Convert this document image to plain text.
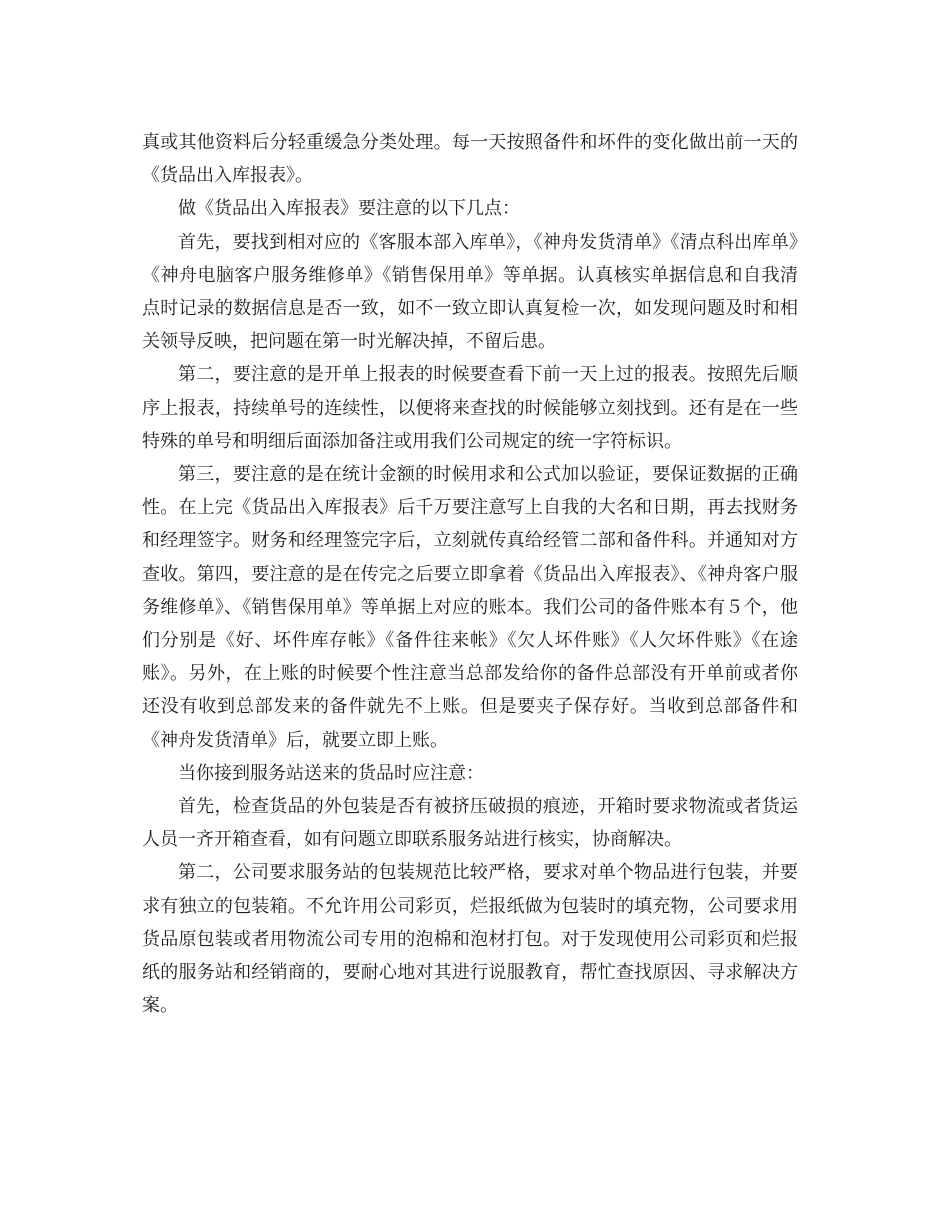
真或其他资料后分轻重缓急分类处理。每一天按照备件和坏件的变化做出前一天的《货品出入库报表》。

做《货品出入库报表》要注意的以下几点：

首先，要找到相对应的《客服本部入库单》，《神舟发货清单》《清点科出库单》《神舟电脑客户服务维修单》《销售保用单》等单据。认真核实单据信息和自我清点时记录的数据信息是否一致，如不一致立即认真复检一次，如发现问题及时和相关领导反映，把问题在第一时光解决掉，不留后患。

第二，要注意的是开单上报表的时候要查看下前一天上过的报表。按照先后顺序上报表，持续单号的连续性，以便将来查找的时候能够立刻找到。还有是在一些特殊的单号和明细后面添加备注或用我们公司规定的统一字符标识。

第三，要注意的是在统计金额的时候用求和公式加以验证，要保证数据的正确性。在上完《货品出入库报表》后千万要注意写上自我的大名和日期，再去找财务和经理签字。财务和经理签完字后，立刻就传真给经管二部和备件科。并通知对方查收。第四，要注意的是在传完之后要立即拿着《货品出入库报表》、《神舟客户服务维修单》、《销售保用单》等单据上对应的账本。我们公司的备件账本有５个，他们分别是《好、坏件库存帐》《备件往来帐》《欠人坏件账》《人欠坏件账》《在途账》。另外，在上账的时候要个性注意当总部发给你的备件总部没有开单前或者你还没有收到总部发来的备件就先不上账。但是要夹子保存好。当收到总部备件和《神舟发货清单》后，就要立即上账。

当你接到服务站送来的货品时应注意：

首先，检查货品的外包装是否有被挤压破损的痕迹，开箱时要求物流或者货运人员一齐开箱查看，如有问题立即联系服务站进行核实，协商解决。

第二，公司要求服务站的包装规范比较严格，要求对单个物品进行包装，并要求有独立的包装箱。不允许用公司彩页，烂报纸做为包装时的填充物，公司要求用货品原包装或者用物流公司专用的泡棉和泡材打包。对于发现使用公司彩页和烂报纸的服务站和经销商的，要耐心地对其进行说服教育，帮忙查找原因、寻求解决方案。
